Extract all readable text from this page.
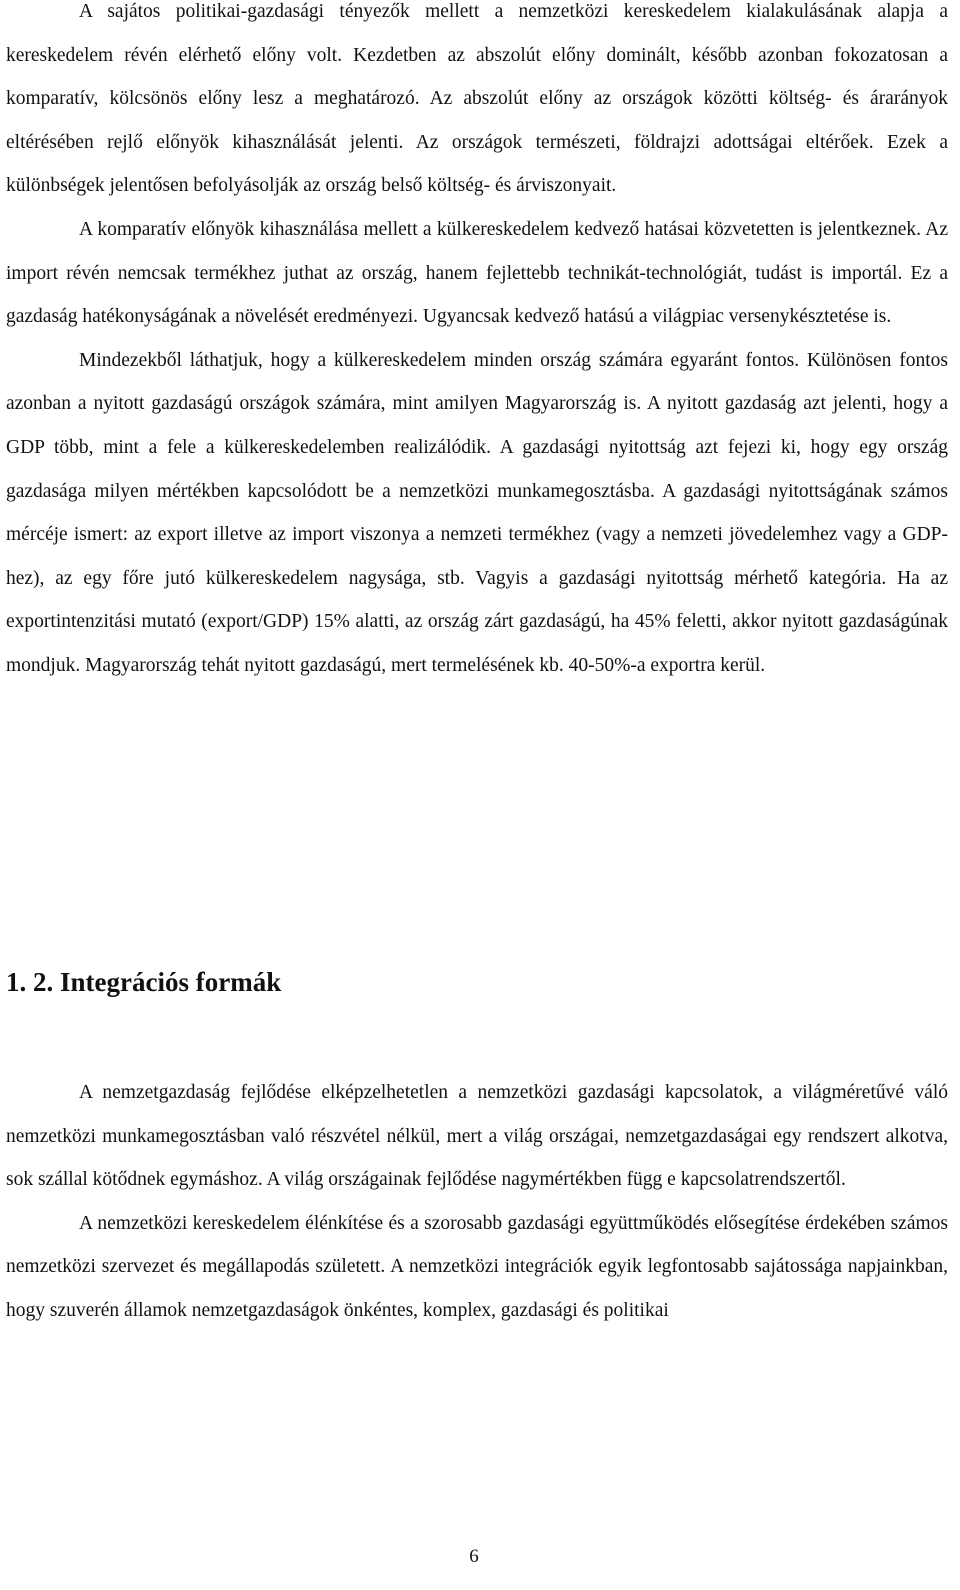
A sajátos politikai-gazdasági tényezők mellett a nemzetközi kereskedelem kialakulásának alapja a kereskedelem révén elérhető előny volt. Kezdetben az abszolút előny dominált, később azonban fokozatosan a komparatív, kölcsönös előny lesz a meghatározó. Az abszolút előny az országok közötti költség- és árarányok eltérésében rejlő előnyök kihasználását jelenti. Az országok természeti, földrajzi adottságai eltérőek. Ezek a különbségek jelentősen befolyásolják az ország belső költség- és árviszonyait.

A komparatív előnyök kihasználása mellett a külkereskedelem kedvező hatásai közvetetten is jelentkeznek. Az import révén nemcsak termékhez juthat az ország, hanem fejlettebb technikát-technológiát, tudást is importál. Ez a gazdaság hatékonyságának a növelését eredményezi. Ugyancsak kedvező hatású a világpiac versenykésztetése is.

Mindezekből láthatjuk, hogy a külkereskedelem minden ország számára egyaránt fontos. Különösen fontos azonban a nyitott gazdaságú országok számára, mint amilyen Magyarország is. A nyitott gazdaság azt jelenti, hogy a GDP több, mint a fele a külkereskedelemben realizálódik. A gazdasági nyitottság azt fejezi ki, hogy egy ország gazdasága milyen mértékben kapcsolódott be a nemzetközi munkamegosztásba. A gazdasági nyitottságának számos mércéje ismert: az export illetve az import viszonya a nemzeti termékhez (vagy a nemzeti jövedelemhez vagy a GDP-hez), az egy főre jutó külkereskedelem nagysága, stb. Vagyis a gazdasági nyitottság mérhető kategória. Ha az exportintenzitási mutató (export/GDP) 15% alatti, az ország zárt gazdaságú, ha 45% feletti, akkor nyitott gazdaságúnak mondjuk. Magyarország tehát nyitott gazdaságú, mert termelésének kb. 40-50%-a exportra kerül.

1. 2. Integrációs formák

A nemzetgazdaság fejlődése elképzelhetetlen a nemzetközi gazdasági kapcsolatok, a világméretűvé váló nemzetközi munkamegosztásban való részvétel nélkül, mert a világ országai, nemzetgazdaságai egy rendszert alkotva, sok szállal kötődnek egymáshoz. A világ országainak fejlődése nagymértékben függ e kapcsolatrendszertől.

A nemzetközi kereskedelem élénkítése és a szorosabb gazdasági együttműködés elősegítése érdekében számos nemzetközi szervezet és megállapodás született. A nemzetközi integrációk egyik legfontosabb sajátossága napjainkban, hogy szuverén államok nemzetgazdaságok önkéntes, komplex, gazdasági és politikai

6
